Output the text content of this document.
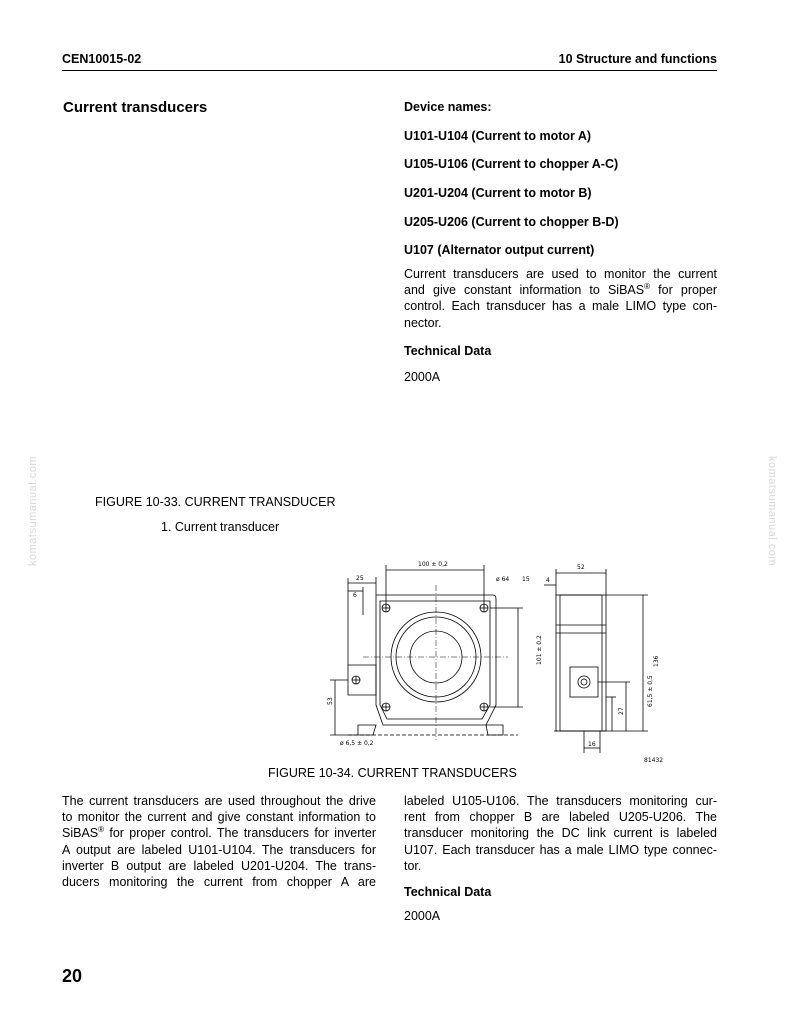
CEN10015-02	10 Structure and functions
komatsumanual.com	komatsumanual.com
Current transducers	Device names:
U101-U104 (Current to motor A)
U105-U106 (Current to chopper A-C)
U201-U204 (Current to motor B)
U205-U206 (Current to chopper B-D)
U107 (Alternator output current)
Current transducers are used to monitor the current
and give constant information to SiBAS® for proper
control. Each transducer has a male LIMO type con-
nector.
Technical Data
2000A
FIGURE 10-33. CURRENT TRANSDUCER
1. Current transducer
100 ± 0,2
25
6
ø 64 15
101 ± 0,2
53
ø 6,5 ± 0,2
4
52
136
27
61,5 ± 0,5
16
81432
FIGURE 10-34. CURRENT TRANSDUCERS
The current transducers are used throughout the drive
to monitor the current and give constant information to
SiBAS® for proper control. The transducers for inverter
A output are labeled U101-U104. The transducers for
inverter B output are labeled U201-U204. The trans-
ducers monitoring the current from chopper A are
labeled U105-U106. The transducers monitoring cur-
rent from chopper B are labeled U205-U206. The
transducer monitoring the DC link current is labeled
U107. Each transducer has a male LIMO type connec-
tor.
Technical Data
2000A
20
